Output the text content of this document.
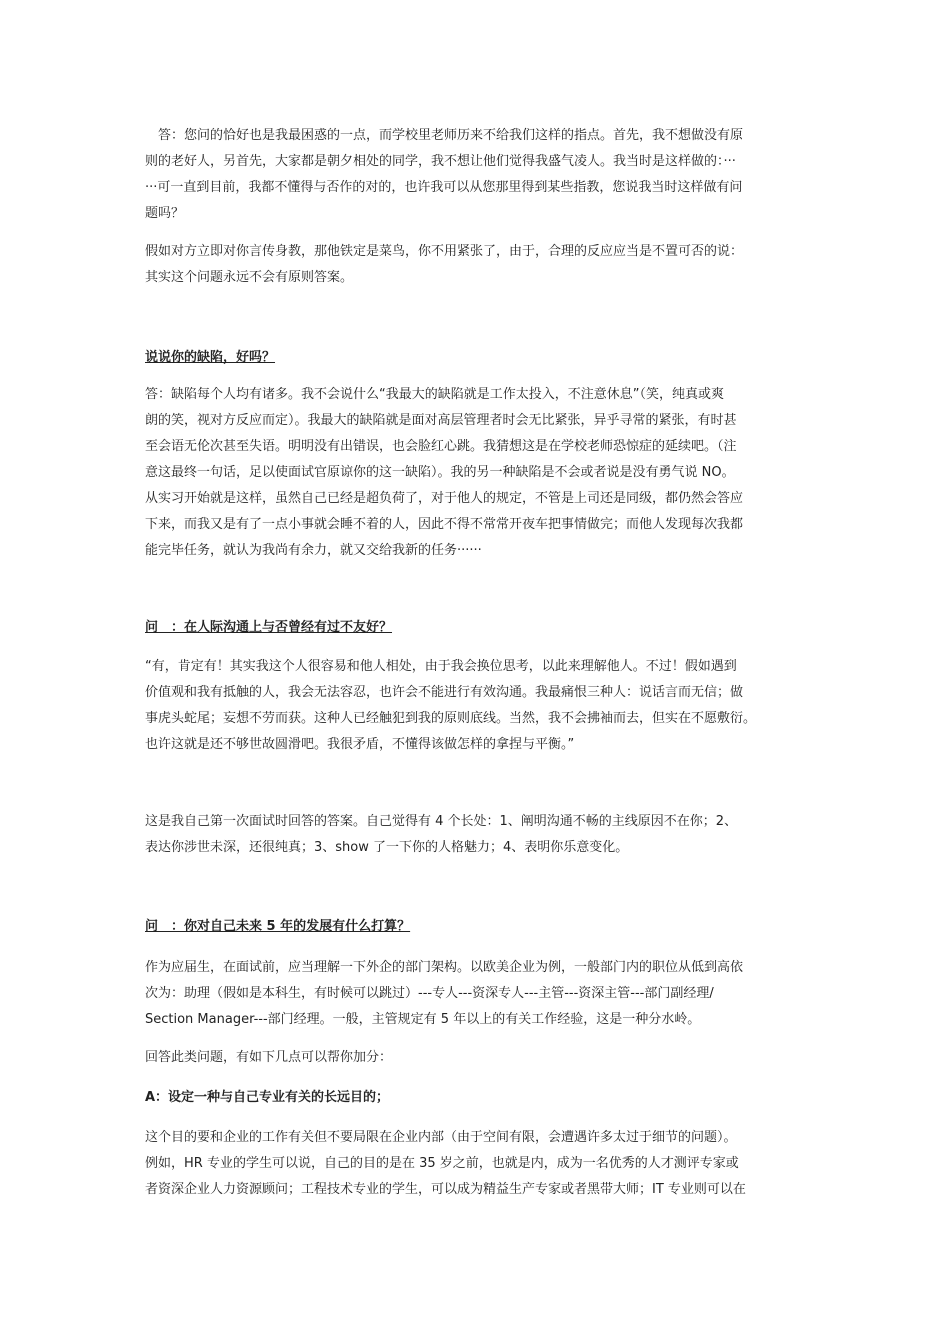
　答：您问的恰好也是我最困惑的一点，而学校里老师历来不给我们这样的指点。首先，我不想做没有原
则的老好人，另首先，大家都是朝夕相处的同学，我不想让他们觉得我盛气凌人。我当时是这样做的：···
···可一直到目前，我都不懂得与否作的对的，也许我可以从您那里得到某些指教，您说我当时这样做有问
题吗？
假如对方立即对你言传身教，那他铁定是菜鸟，你不用紧张了，由于，合理的反应应当是不置可否的说：
其实这个问题永远不会有原则答案。
说说你的缺陷，好吗？
答：缺陷每个人均有诸多。我不会说什么“我最大的缺陷就是工作太投入，不注意休息”（笑，纯真或爽
朗的笑，视对方反应而定）。我最大的缺陷就是面对高层管理者时会无比紧张，异乎寻常的紧张，有时甚
至会语无伦次甚至失语。明明没有出错误，也会脸红心跳。我猜想这是在学校老师恐惊症的延续吧。（注
意这最终一句话，足以使面试官原谅你的这一缺陷）。我的另一种缺陷是不会或者说是没有勇气说 NO。
从实习开始就是这样，虽然自己已经是超负荷了，对于他人的规定，不管是上司还是同级，都仍然会答应
下来，而我又是有了一点小事就会睡不着的人，因此不得不常常开夜车把事情做完；而他人发现每次我都
能完毕任务，就认为我尚有余力，就又交给我新的任务······
问　：在人际沟通上与否曾经有过不友好？
“有，肯定有！其实我这个人很容易和他人相处，由于我会换位思考，以此来理解他人。不过！假如遇到
价值观和我有抵触的人，我会无法容忍，也许会不能进行有效沟通。我最痛恨三种人：说话言而无信；做
事虎头蛇尾；妄想不劳而获。这种人已经触犯到我的原则底线。当然，我不会拂袖而去，但实在不愿敷衍。
也许这就是还不够世故圆滑吧。我很矛盾，不懂得该做怎样的拿捏与平衡。”
这是我自己第一次面试时回答的答案。自己觉得有 4 个长处：1、阐明沟通不畅的主线原因不在你；2、
表达你涉世未深，还很纯真；3、show 了一下你的人格魅力；4、表明你乐意变化。
问　：你对自己未来 5 年的发展有什么打算？
作为应届生，在面试前，应当理解一下外企的部门架构。以欧美企业为例，一般部门内的职位从低到高依
次为：助理（假如是本科生，有时候可以跳过）---专人---资深专人---主管---资深主管---部门副经理/
Section Manager---部门经理。一般，主管规定有 5 年以上的有关工作经验，这是一种分水岭。
回答此类问题，有如下几点可以帮你加分：
A：设定一种与自己专业有关的长远目的；
这个目的要和企业的工作有关但不要局限在企业内部（由于空间有限，会遭遇许多太过于细节的问题）。
例如，HR 专业的学生可以说，自己的目的是在 35 岁之前，也就是内，成为一名优秀的人才测评专家或
者资深企业人力资源顾问；工程技术专业的学生，可以成为精益生产专家或者黑带大师；IT 专业则可以在
